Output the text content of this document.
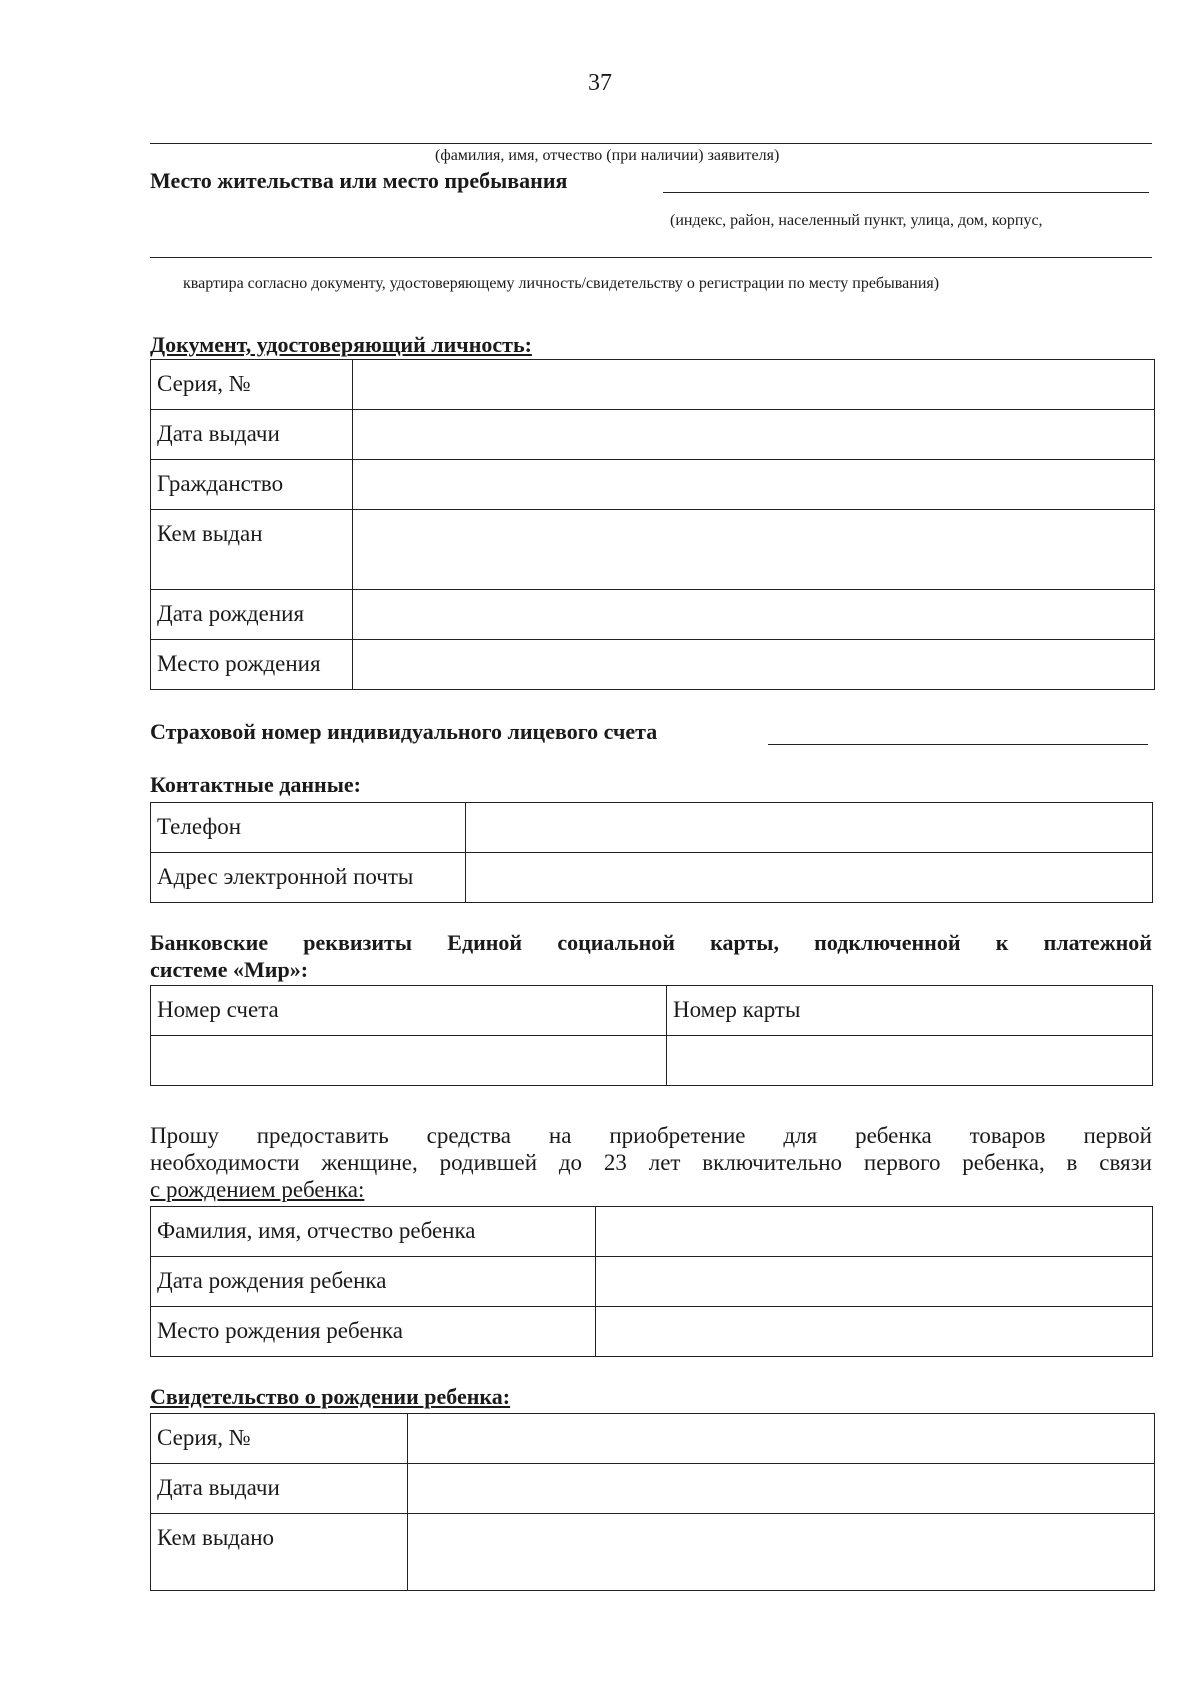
37
(фамилия, имя, отчество (при наличии) заявителя)
Место жительства или место пребывания
(индекс, район, населенный пункт, улица, дом, корпус,
квартира согласно документу, удостоверяющему личность/свидетельству о регистрации по месту пребывания)
Документ, удостоверяющий личность:
Серия, №	
Дата выдачи	
Гражданство	
Кем выдан	
Дата рождения	
Место рождения	
Страховой номер индивидуального лицевого счета
Контактные данные:
Телефон	
Адрес электронной почты	
Банковские реквизиты Единой социальной карты, подключенной к платежной
системе «Мир»:
Номер счета	Номер карты

Прошу предоставить средства на приобретение для ребенка товаров первой
необходимости женщине, родившей до 23 лет включительно первого ребенка, в связи
с рождением ребенка:
Фамилия, имя, отчество ребенка	
Дата рождения ребенка	
Место рождения ребенка	
Свидетельство о рождении ребенка:
Серия, №	
Дата выдачи	
Кем выдано	
